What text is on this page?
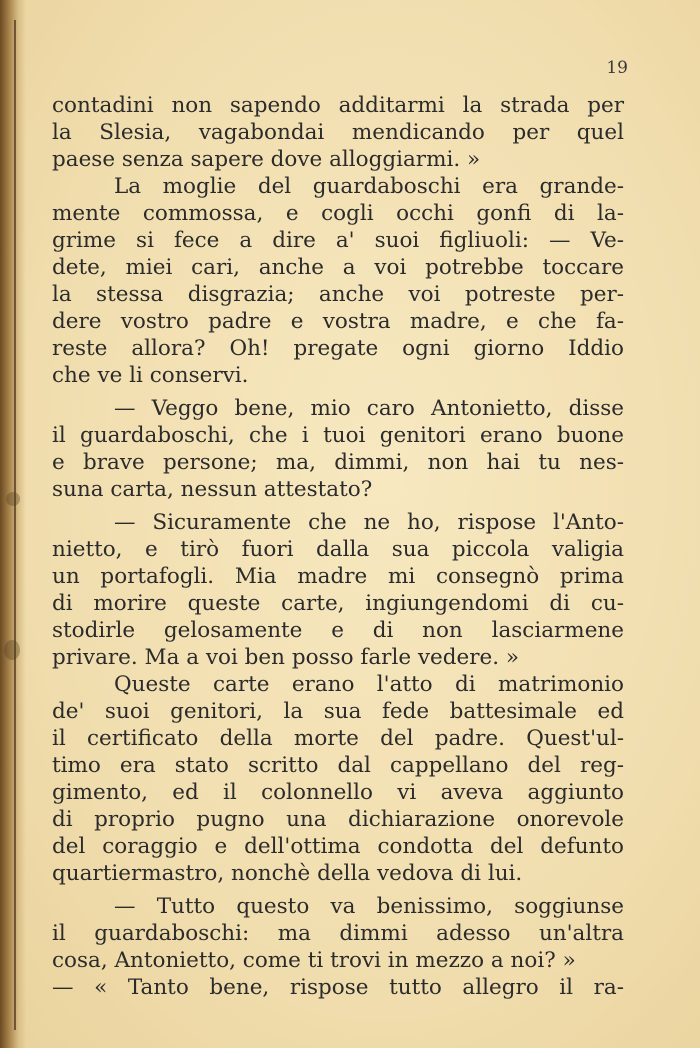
19
contadini non sapendo additarmi la strada per
la Slesia, vagabondai mendicando per quel
paese senza sapere dove alloggiarmi. »
La moglie del guardaboschi era grande-
mente commossa, e cogli occhi gonfi di la-
grime si fece a dire a' suoi figliuoli: — Ve-
dete, miei cari, anche a voi potrebbe toccare
la stessa disgrazia; anche voi potreste per-
dere vostro padre e vostra madre, e che fa-
reste allora? Oh! pregate ogni giorno Iddio
che ve li conservi.
— Veggo bene, mio caro Antonietto, disse
il guardaboschi, che i tuoi genitori erano buone
e brave persone; ma, dimmi, non hai tu nes-
suna carta, nessun attestato?
— Sicuramente che ne ho, rispose l'Anto-
nietto, e tirò fuori dalla sua piccola valigia
un portafogli. Mia madre mi consegnò prima
di morire queste carte, ingiungendomi di cu-
stodirle gelosamente e di non lasciarmene
privare. Ma a voi ben posso farle vedere. »
Queste carte erano l'atto di matrimonio
de' suoi genitori, la sua fede battesimale ed
il certificato della morte del padre. Quest'ul-
timo era stato scritto dal cappellano del reg-
gimento, ed il colonnello vi aveva aggiunto
di proprio pugno una dichiarazione onorevole
del coraggio e dell'ottima condotta del defunto
quartiermastro, nonchè della vedova di lui.
— Tutto questo va benissimo, soggiunse
il guardaboschi: ma dimmi adesso un'altra
cosa, Antonietto, come ti trovi in mezzo a noi? »
— « Tanto bene, rispose tutto allegro il ra-
